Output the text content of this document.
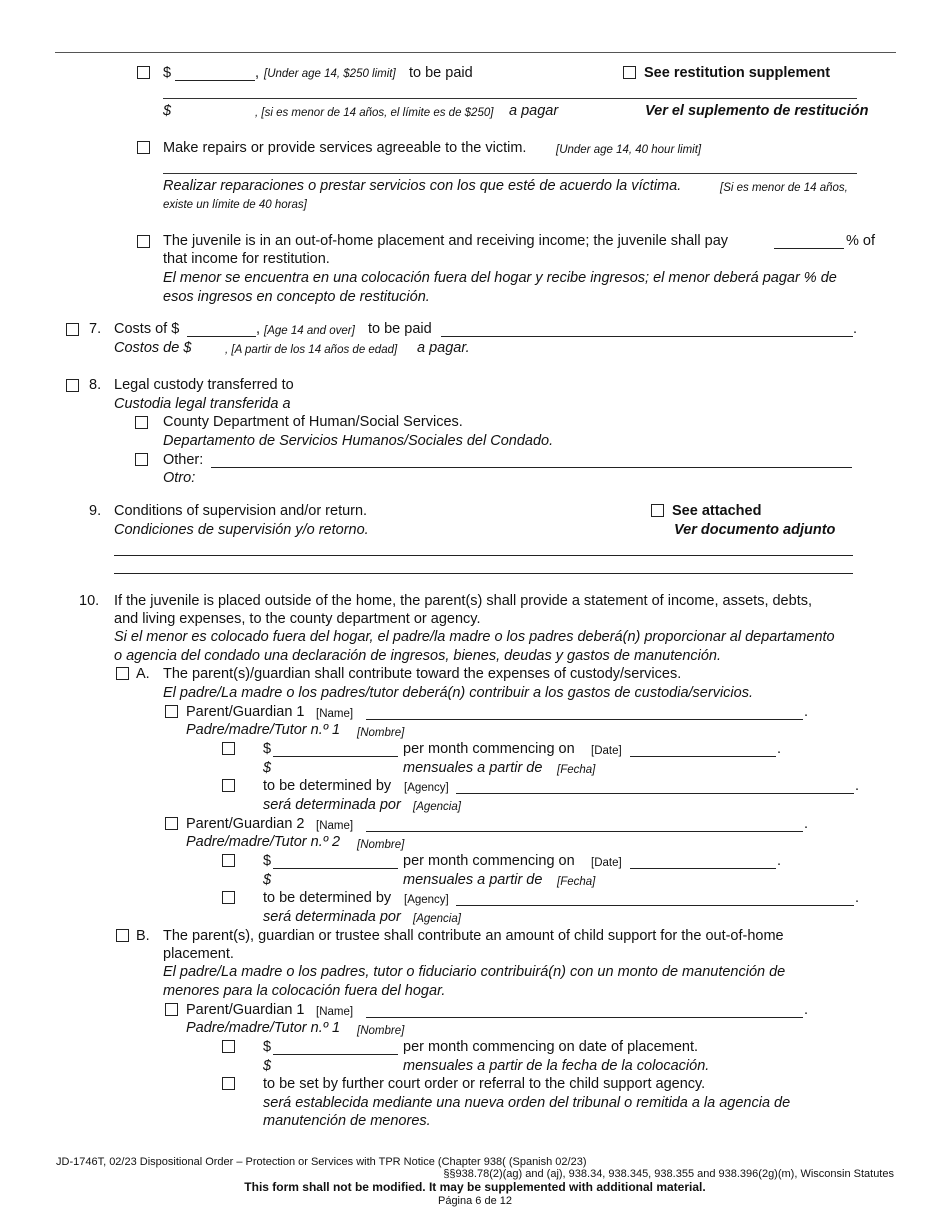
$	, [Under age 14, $250 limit] to be paid	See restitution supplement
$	, [si es menor de 14 años, el límite es de $250] a pagar	Ver el suplemento de restitución
Make repairs or provide services agreeable to the victim.	[Under age 14, 40 hour limit]
Realizar reparaciones o prestar servicios con los que esté de acuerdo la víctima.	[Si es menor de 14 años,
existe un límite de 40 horas]
The juvenile is in an out-of-home placement and receiving income; the juvenile shall pay	% of
that income for restitution.
El menor se encuentra en una colocación fuera del hogar y recibe ingresos; el menor deberá pagar % de
esos ingresos en concepto de restitución.
7. Costs of $	, [Age 14 and over] to be paid	.
Costos de $	, [A partir de los 14 años de edad] a pagar.
8. Legal custody transferred to
Custodia legal transferida a
County Department of Human/Social Services.
Departamento de Servicios Humanos/Sociales del Condado.
Other:
Otro:
9. Conditions of supervision and/or return.
Condiciones de supervisión y/o retorno.
See attached
Ver documento adjunto
10. If the juvenile is placed outside of the home, the parent(s) shall provide a statement of income, assets, debts,
and living expenses, to the county department or agency.
Si el menor es colocado fuera del hogar, el padre/la madre o los padres deberá(n) proporcionar al departamento
o agencia del condado una declaración de ingresos, bienes, deudas y gastos de manutención.
A. The parent(s)/guardian shall contribute toward the expenses of custody/services.
El padre/La madre o los padres/tutor deberá(n) contribuir a los gastos de custodia/servicios.
Parent/Guardian 1 [Name]	.
Padre/madre/Tutor n.º 1 [Nombre]
$	per month commencing on [Date]	.
$	mensuales a partir de [Fecha]
to be determined by [Agency]	.
será determinada por [Agencia]
Parent/Guardian 2 [Name]	.
Padre/madre/Tutor n.º 2 [Nombre]
$	per month commencing on [Date]	.
$	mensuales a partir de [Fecha]
to be determined by [Agency]	.
será determinada por [Agencia]
B. The parent(s), guardian or trustee shall contribute an amount of child support for the out-of-home
placement.
El padre/La madre o los padres, tutor o fiduciario contribuirá(n) con un monto de manutención de
menores para la colocación fuera del hogar.
Parent/Guardian 1 [Name]	.
Padre/madre/Tutor n.º 1 [Nombre]
$	per month commencing on date of placement.
$	mensuales a partir de la fecha de la colocación.
to be set by further court order or referral to the child support agency.
será establecida mediante una nueva orden del tribunal o remitida a la agencia de
manutención de menores.
JD-1746T, 02/23 Dispositional Order – Protection or Services with TPR Notice (Chapter 938( (Spanish 02/23)
§§938.78(2)(ag) and (aj), 938.34, 938.345, 938.355 and 938.396(2g)(m), Wisconsin Statutes
This form shall not be modified. It may be supplemented with additional material.
Página 6 de 12
